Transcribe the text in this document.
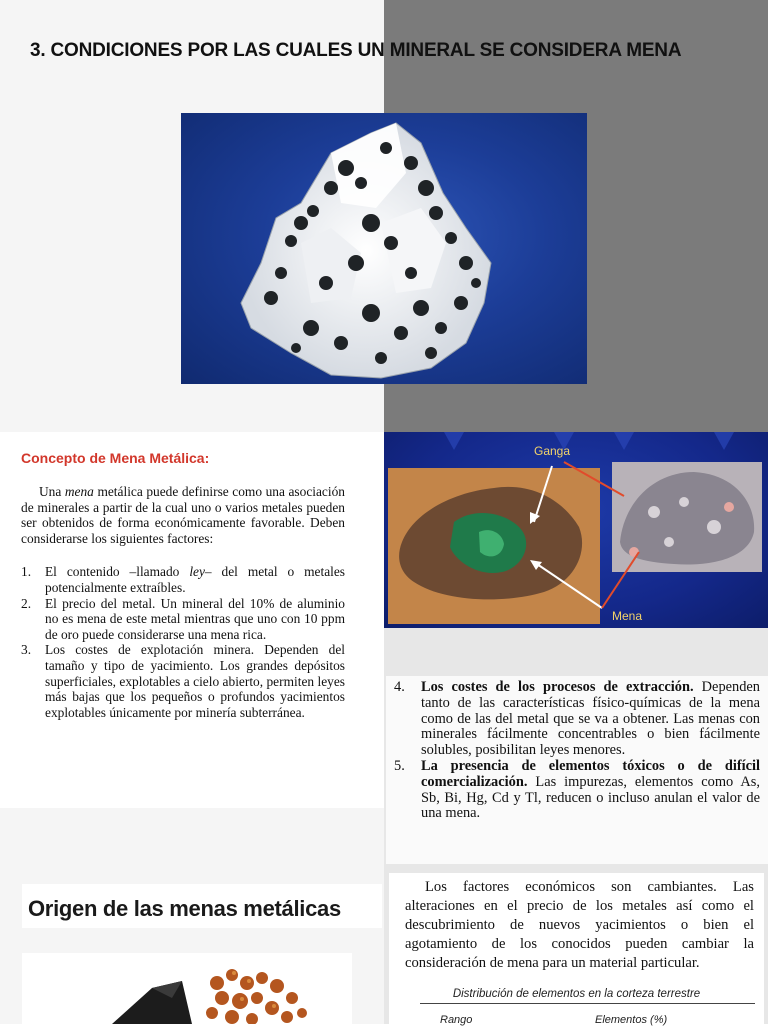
3. CONDICIONES POR LAS CUALES UN MINERAL SE CONSIDERA MENA
Concepto de Mena Metálica:

Una mena metálica puede definirse como una asociación de minerales a partir de la cual uno o varios metales pueden ser obtenidos de forma económicamente favorable. Deben considerarse los siguientes factores:

1. El contenido –llamado ley– del metal o metales potencialmente extraíbles.
2. El precio del metal. Un mineral del 10% de aluminio no es mena de este metal mientras que uno con 10 ppm de oro puede considerarse una mena rica.
3. Los costes de explotación minera. Dependen del tamaño y tipo de yacimiento. Los grandes depósitos superficiales, explotables a cielo abierto, permiten leyes más bajas que los pequeños o profundos yacimientos explotables únicamente por minería subterránea.
Ganga
Mena
4. Los costes de los procesos de extracción. Dependen tanto de las características físico-químicas de la mena como de las del metal que se va a obtener. Las menas con minerales fácilmente concentrables o bien fácilmente solubles, posibilitan leyes menores.
5. La presencia de elementos tóxicos o de difícil comercialización. Las impurezas, elementos como As, Sb, Bi, Hg, Cd y Tl, reducen o incluso anulan el valor de una mena.
Origen de las menas metálicas

Los factores económicos son cambiantes. Las alteraciones en el precio de los metales así como el descubrimiento de nuevos yacimientos o bien el agotamiento de los conocidos pueden cambiar la consideración de mena para un material particular.

Distribución de elementos en la corteza terrestre
Rango	Elementos (%)
